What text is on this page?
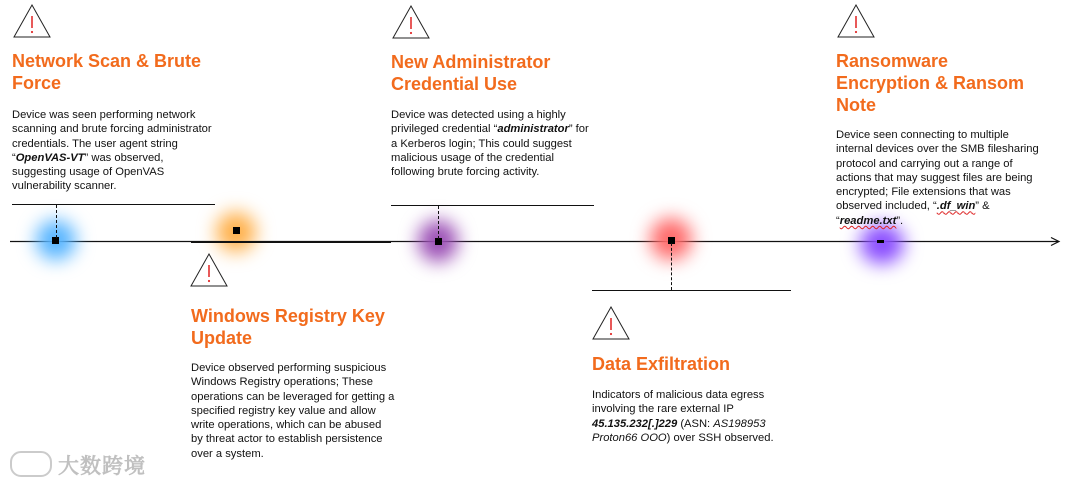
Network Scan & Brute Force
Device was seen performing network scanning and brute forcing administrator credentials. The user agent string “OpenVAS-VT” was observed, suggesting usage of OpenVAS vulnerability scanner.
Windows Registry Key Update
Device observed performing suspicious Windows Registry operations; These operations can be leveraged for getting a specified registry key value and allow write operations, which can be abused by threat actor to establish persistence over a system.
New Administrator Credential Use
Device was detected using a highly privileged credential “administrator” for a Kerberos login; This could suggest malicious usage of the credential following brute forcing activity.
Data Exfiltration
Indicators of malicious data egress involving the rare external IP 45.135.232[.]229 (ASN: AS198953 Proton66 OOO) over SSH observed.
Ransomware Encryption & Ransom Note
Device seen connecting to multiple internal devices over the SMB filesharing protocol and carrying out a range of actions that may suggest files are being encrypted; File extensions that was observed included, “.df_win” & “readme.txt”.
大数跨境
